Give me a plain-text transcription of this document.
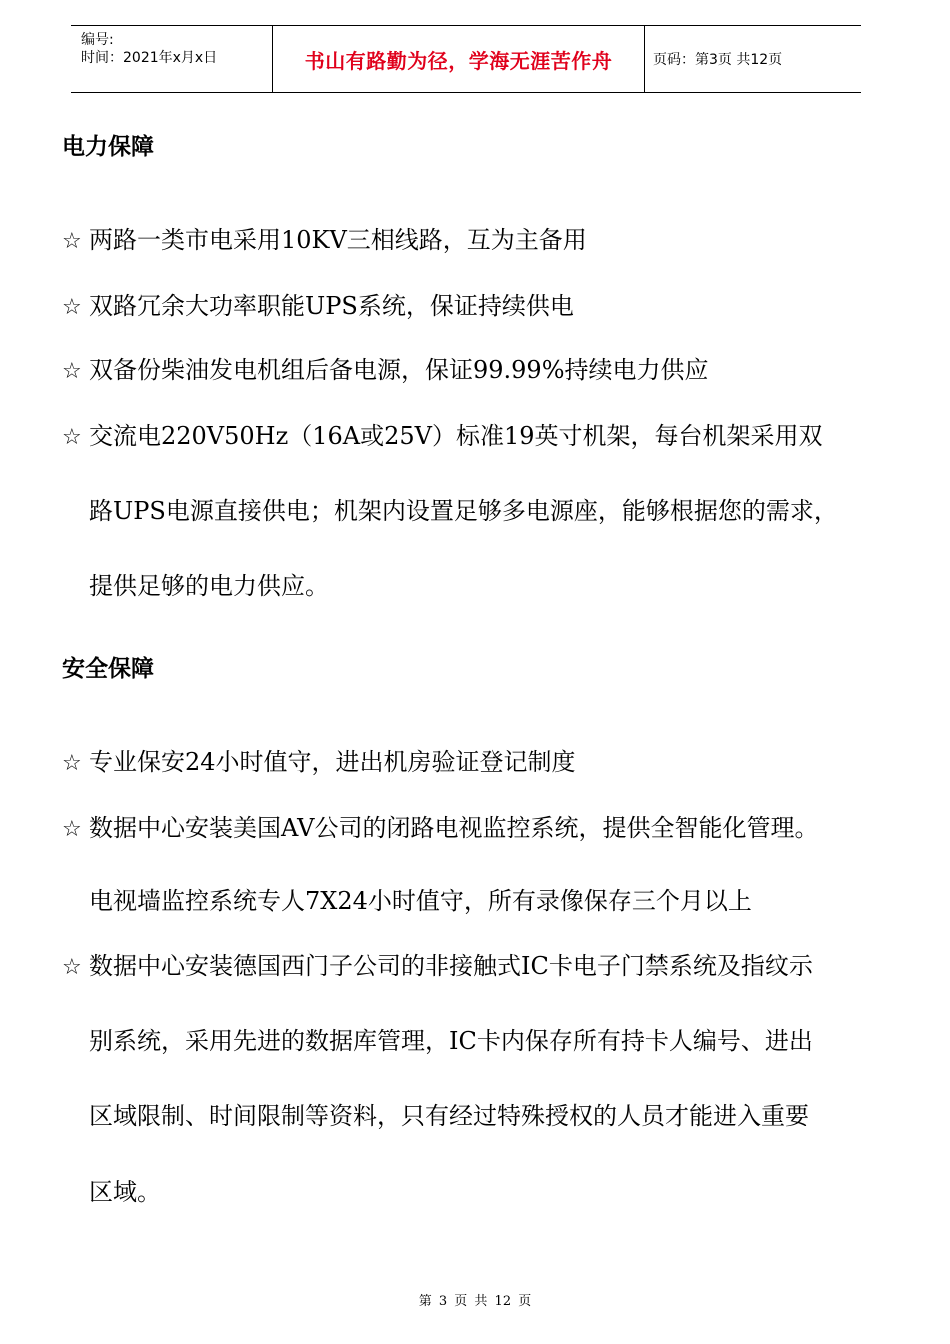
编号:
时间：2021年x月x日	书山有路勤为径，学海无涯苦作舟	页码：第3页 共12页
电力保障
☆ 两路一类市电采用10KV三相线路，互为主备用
☆ 双路冗余大功率职能UPS系统，保证持续供电
☆ 双备份柴油发电机组后备电源，保证99.99%持续电力供应
☆ 交流电220V50Hz（16A或25V）标准19英寸机架，每台机架采用双
路UPS电源直接供电；机架内设置足够多电源座，能够根据您的需求，
提供足够的电力供应。
安全保障
☆ 专业保安24小时值守，进出机房验证登记制度
☆ 数据中心安装美国AV公司的闭路电视监控系统，提供全智能化管理。
电视墙监控系统专人7X24小时值守，所有录像保存三个月以上
☆ 数据中心安装德国西门子公司的非接触式IC卡电子门禁系统及指纹示
别系统，采用先进的数据库管理，IC卡内保存所有持卡人编号、进出
区域限制、时间限制等资料，只有经过特殊授权的人员才能进入重要
区域。
第 3 页 共 12 页
